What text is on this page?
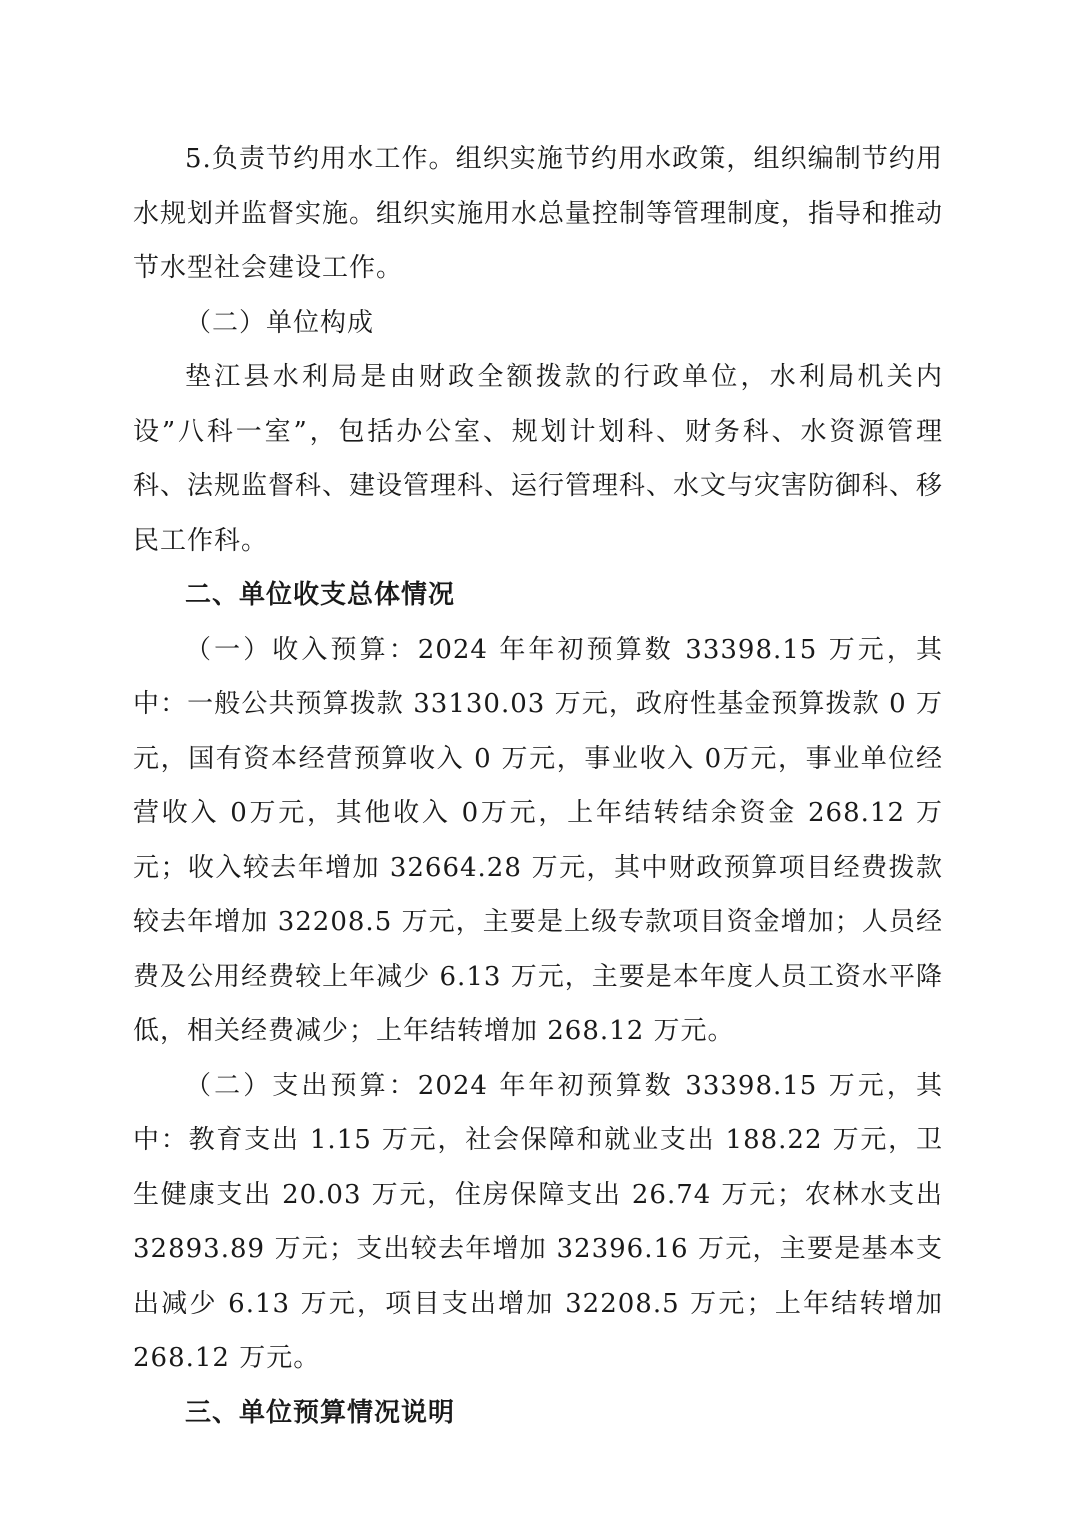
5.负责节约用水工作。组织实施节约用水政策，组织编制节约用水规划并监督实施。组织实施用水总量控制等管理制度，指导和推动节水型社会建设工作。

（二）单位构成

垫江县水利局是由财政全额拨款的行政单位，水利局机关内设”八科一室”，包括办公室、规划计划科、财务科、水资源管理科、法规监督科、建设管理科、运行管理科、水文与灾害防御科、移民工作科。

二、单位收支总体情况

（一）收入预算：2024 年年初预算数 33398.15 万元，其中：一般公共预算拨款 33130.03 万元，政府性基金预算拨款 0 万元，国有资本经营预算收入 0 万元，事业收入 0万元，事业单位经营收入 0万元，其他收入 0万元，上年结转结余资金 268.12 万元；收入较去年增加 32664.28 万元，其中财政预算项目经费拨款较去年增加 32208.5 万元，主要是上级专款项目资金增加；人员经费及公用经费较上年减少 6.13 万元，主要是本年度人员工资水平降低，相关经费减少；上年结转增加 268.12 万元。

（二）支出预算：2024 年年初预算数 33398.15 万元，其中：教育支出 1.15 万元，社会保障和就业支出 188.22 万元，卫生健康支出 20.03 万元，住房保障支出 26.74 万元；农林水支出 32893.89 万元；支出较去年增加 32396.16 万元，主要是基本支出减少 6.13 万元，项目支出增加 32208.5 万元；上年结转增加 268.12 万元。

三、单位预算情况说明
